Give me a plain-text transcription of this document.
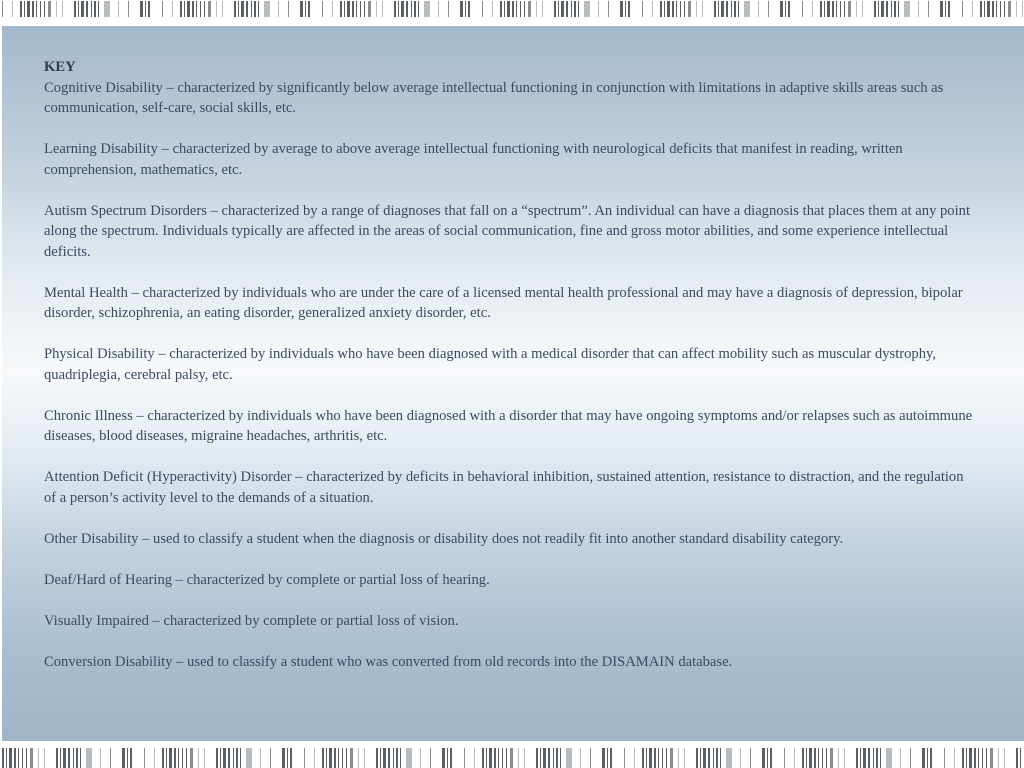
KEY

Cognitive Disability – characterized by significantly below average intellectual functioning in conjunction with limitations in adaptive skills areas such as communication, self-care, social skills, etc.

Learning Disability – characterized by average to above average intellectual functioning with neurological deficits that manifest in reading, written comprehension, mathematics, etc.

Autism Spectrum Disorders – characterized by a range of diagnoses that fall on a “spectrum”. An individual can have a diagnosis that places them at any point along the spectrum. Individuals typically are affected in the areas of social communication, fine and gross motor abilities, and some experience intellectual deficits.

Mental Health – characterized by individuals who are under the care of a licensed mental health professional and may have a diagnosis of depression, bipolar disorder, schizophrenia, an eating disorder, generalized anxiety disorder, etc.

Physical Disability – characterized by individuals who have been diagnosed with a medical disorder that can affect mobility such as muscular dystrophy, quadriplegia, cerebral palsy, etc.

Chronic Illness – characterized by individuals who have been diagnosed with a disorder that may have ongoing symptoms and/or relapses such as autoimmune diseases, blood diseases, migraine headaches, arthritis, etc.

Attention Deficit (Hyperactivity) Disorder – characterized by deficits in behavioral inhibition, sustained attention, resistance to distraction, and the regulation of a person’s activity level to the demands of a situation.

Other Disability – used to classify a student when the diagnosis or disability does not readily fit into another standard disability category.

Deaf/Hard of Hearing – characterized by complete or partial loss of hearing.

Visually Impaired – characterized by complete or partial loss of vision.

Conversion Disability – used to classify a student who was converted from old records into the DISAMAIN database.
